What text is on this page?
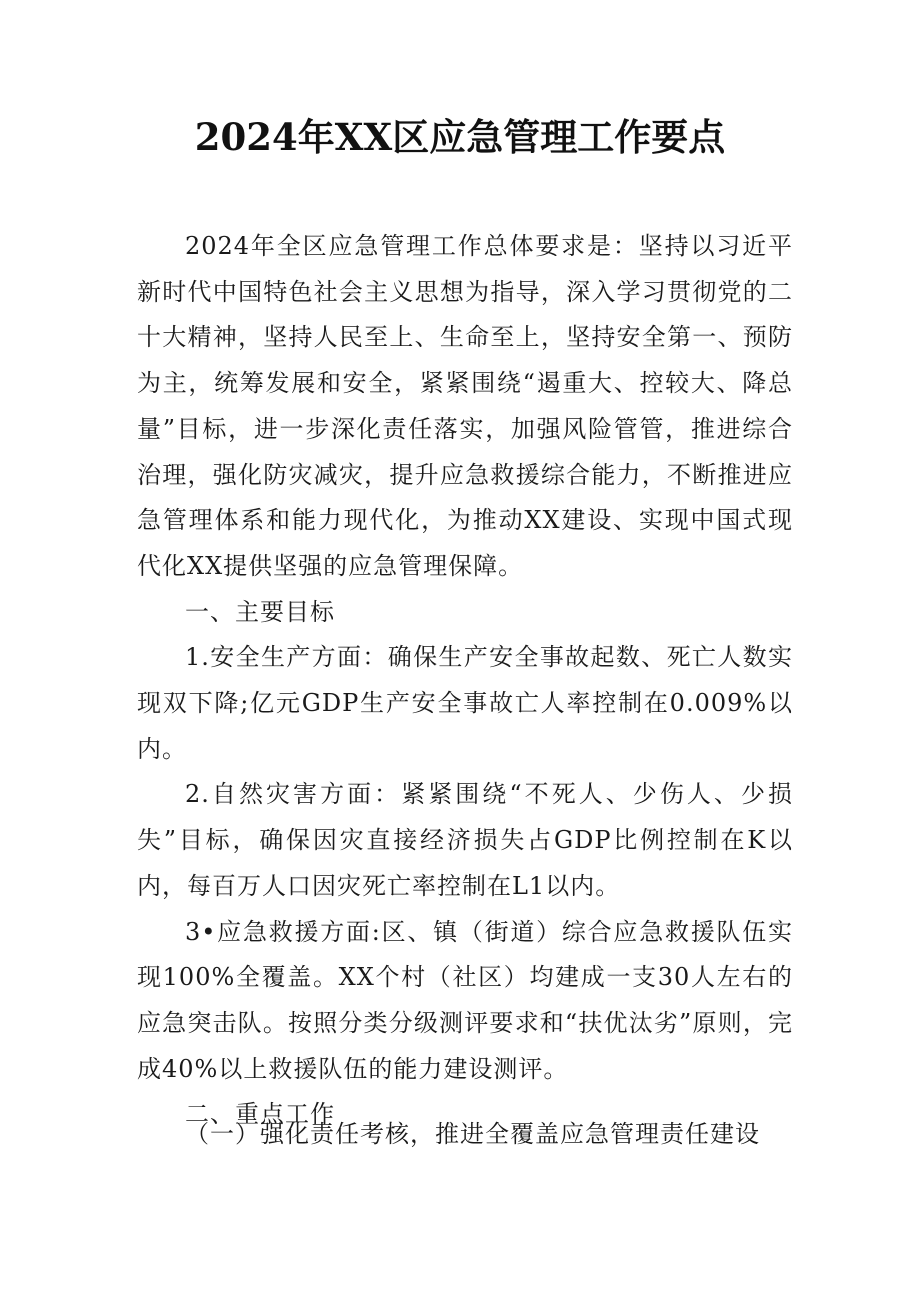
2024年XX区应急管理工作要点

2024年全区应急管理工作总体要求是：坚持以习近平新时代中国特色社会主义思想为指导，深入学习贯彻党的二十大精神，坚持人民至上、生命至上，坚持安全第一、预防为主，统筹发展和安全，紧紧围绕“遏重大、控较大、降总量”目标，进一步深化责任落实，加强风险管管，推进综合治理，强化防灾减灾，提升应急救援综合能力，不断推进应急管理体系和能力现代化，为推动XX建设、实现中国式现代化XX提供坚强的应急管理保障。

一、主要目标

1.安全生产方面：确保生产安全事故起数、死亡人数实现双下降;亿元GDP生产安全事故亡人率控制在0.009%以内。

2.自然灾害方面：紧紧围绕“不死人、少伤人、少损失”目标，确保因灾直接经济损失占GDP比例控制在K以内，每百万人口因灾死亡率控制在L1以内。

3•应急救援方面:区、镇（街道）综合应急救援队伍实现100%全覆盖。XX个村（社区）均建成一支30人左右的应急突击队。按照分类分级测评要求和“扶优汰劣”原则，完成40%以上救援队伍的能力建设测评。

二、重点工作

（一）强化责任考核，推进全覆盖应急管理责任建设
